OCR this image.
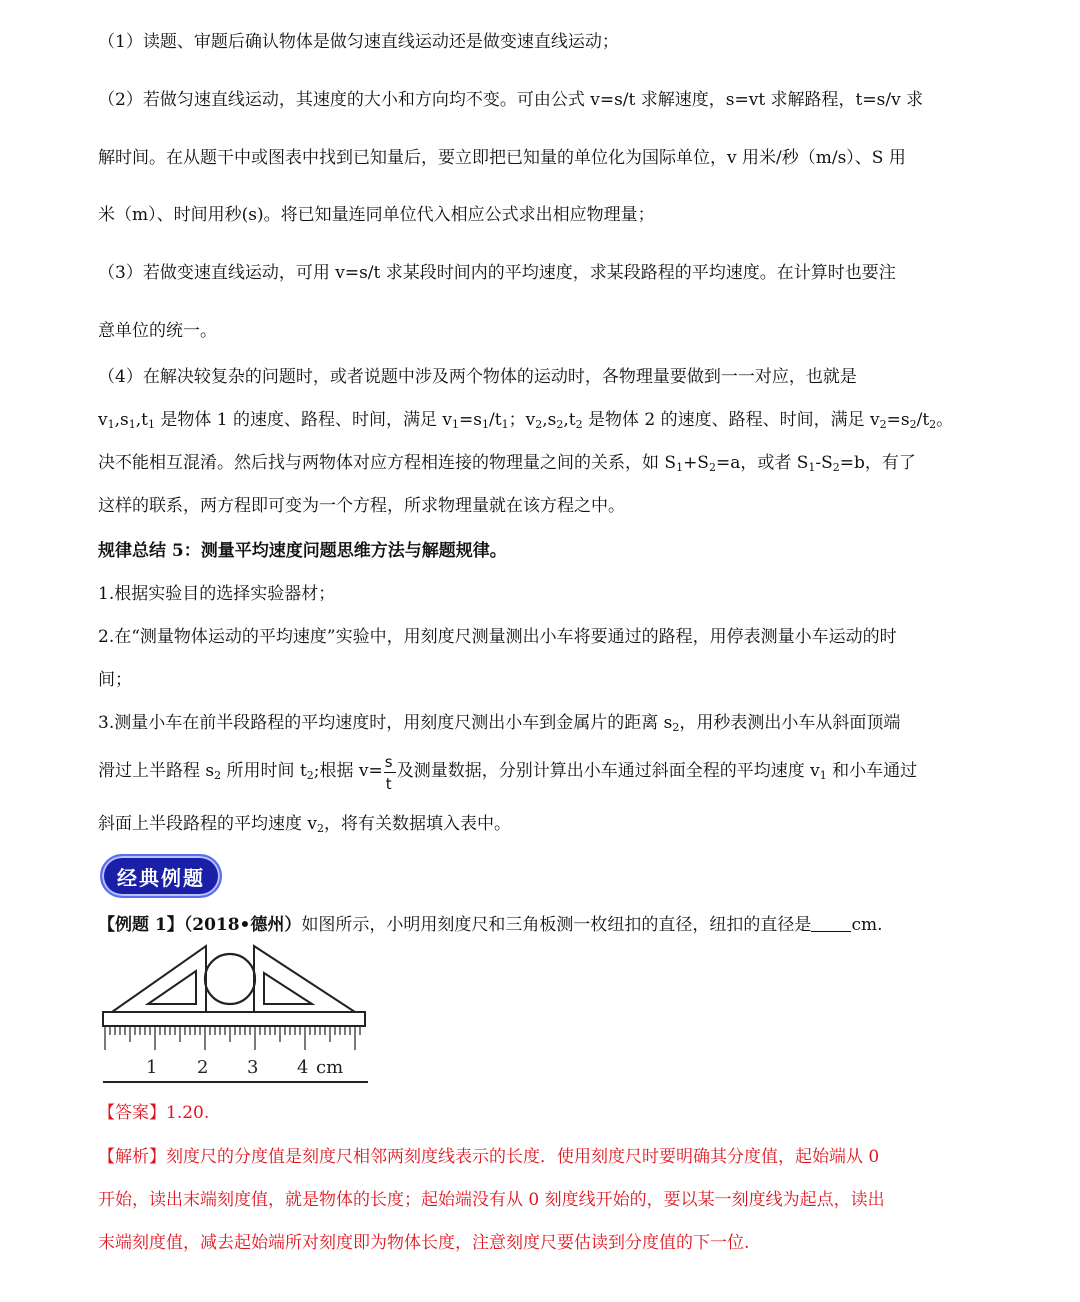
（1）读题、审题后确认物体是做匀速直线运动还是做变速直线运动；
（2）若做匀速直线运动，其速度的大小和方向均不变。可由公式 v=s/t 求解速度，s=vt 求解路程，t=s/v 求
解时间。在从题干中或图表中找到已知量后，要立即把已知量的单位化为国际单位，v 用米/秒（m/s）、S 用
米（m）、时间用秒(s)。将已知量连同单位代入相应公式求出相应物理量；
（3）若做变速直线运动，可用 v=s/t 求某段时间内的平均速度，求某段路程的平均速度。在计算时也要注
意单位的统一。
（4）在解决较复杂的问题时，或者说题中涉及两个物体的运动时，各物理量要做到一一对应，也就是
$v_1,s_1,t_1$ 是物体 1 的速度、路程、时间，满足 $v_1=s_1/t_1$；$v_2,s_2,t_2$ 是物体 2 的速度、路程、时间，满足 $v_2=s_2/t_2$。
决不能相互混淆。然后找与两物体对应方程相连接的物理量之间的关系，如 $S_1+S_2=a$，或者 $S_1-S_2=b$，有了
这样的联系，两方程即可变为一个方程，所求物理量就在该方程之中。
规律总结 5：测量平均速度问题思维方法与解题规律。
1.根据实验目的选择实验器材；
2.在“测量物体运动的平均速度”实验中，用刻度尺测量测出小车将要通过的路程，用停表测量小车运动的时
间；
3.测量小车在前半段路程的平均速度时，用刻度尺测出小车到金属片的距离 $s_2$，用秒表测出小车从斜面顶端
滑过上半路程 $s_2$ 所用时间 $t_2$;根据 $v= \frac{s}{t}$ 及测量数据，分别计算出小车通过斜面全程的平均速度 $v_1$ 和小车通过
斜面上半段路程的平均速度 $v_2$，将有关数据填入表中。
经典例题
【例题 1】（2018•德州）如图所示，小明用刻度尺和三角板测一枚纽扣的直径，纽扣的直径是 cm.
1 2 3 4 cm
【答案】1.20.
【解析】刻度尺的分度值是刻度尺相邻两刻度线表示的长度．使用刻度尺时要明确其分度值，起始端从 0
开始，读出末端刻度值，就是物体的长度；起始端没有从 0 刻度线开始的，要以某一刻度线为起点，读出
末端刻度值，减去起始端所对刻度即为物体长度，注意刻度尺要估读到分度值的下一位.
